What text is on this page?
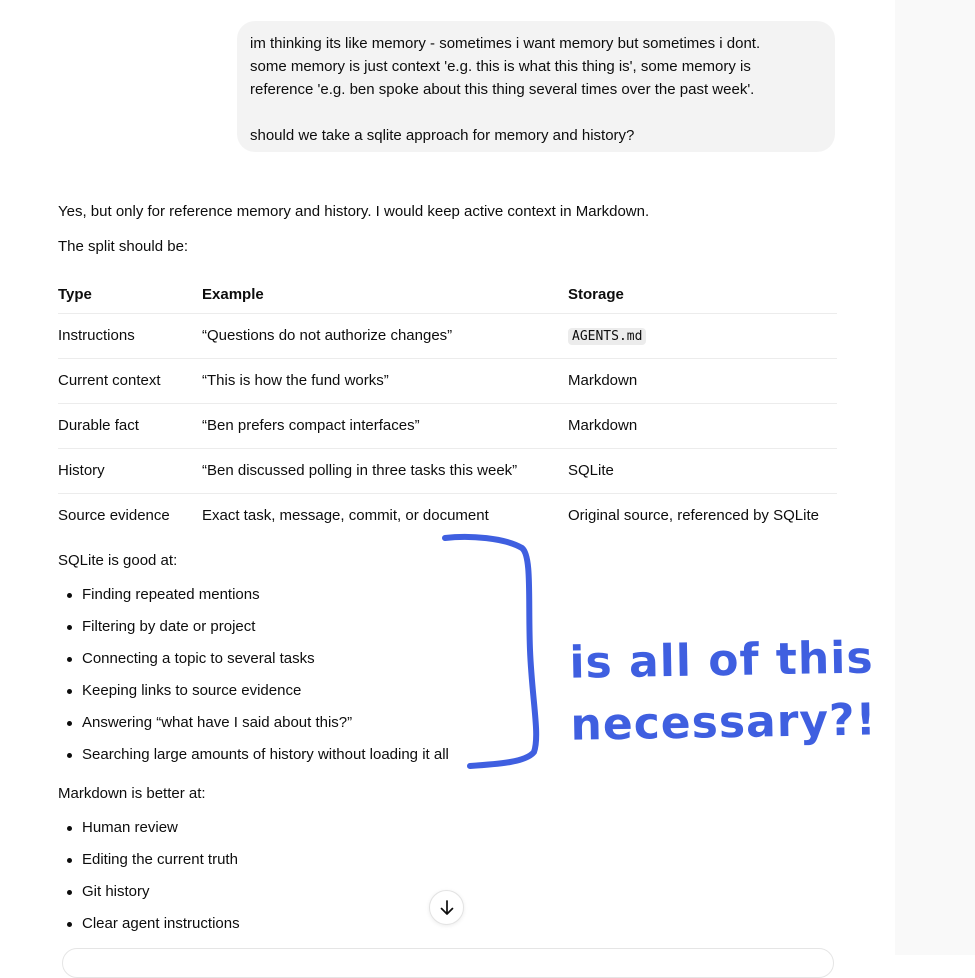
im thinking its like memory - sometimes i want memory but sometimes i dont.

some memory is just context 'e.g. this is what this thing is', some memory is

reference 'e.g. ben spoke about this thing several times over the past week'.

should we take a sqlite approach for memory and history?

Yes, but only for reference memory and history. I would keep active context in Markdown.
The split should be:
Type	Example	Storage
Instructions	“Questions do not authorize changes”	AGENTS.md
Current context	“This is how the fund works”	Markdown
Durable fact	“Ben prefers compact interfaces”	Markdown
History	“Ben discussed polling in three tasks this week”	SQLite
Source evidence	Exact task, message, commit, or document	Original source, referenced by SQLite
SQLite is good at:
Finding repeated mentions
Filtering by date or project
Connecting a topic to several tasks
Keeping links to source evidence
Answering “what have I said about this?”
Searching large amounts of history without loading it all
Markdown is better at:
Human review
Editing the current truth
Git history
Clear agent instructions
is all of this
necessary?!
